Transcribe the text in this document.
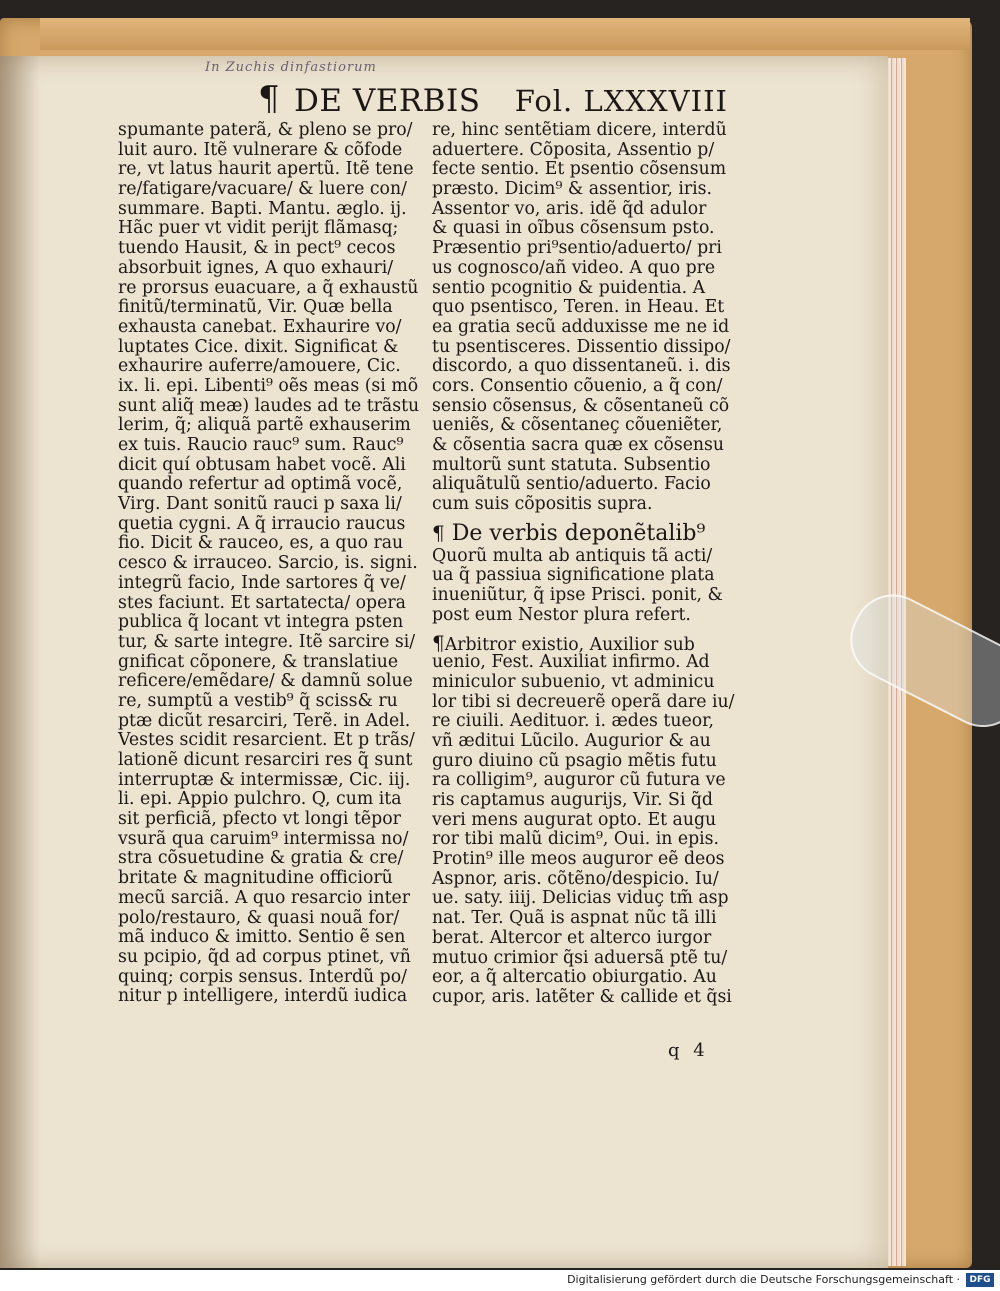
In Zuchis dinfastiorum
¶ DE VERBIS Fol. LXXXVIII
spumante paterã, & pleno se pro/
luit auro. Itẽ vulnerare & cõfode
re, vt latus haurit apertũ. Itẽ tene
re/fatigare/vacuare/ & luere con/
summare. Bapti. Mantu. æglo. ij.
Hãc puer vt vidit perijt flãmasq;
tuendo Hausit, & in pect⁹ cecos
absorbuit ignes, A quo exhauri/
re prorsus euacuare, a q̃ exhaustũ
finitũ/terminatũ, Vir. Quæ bella
exhausta canebat. Exhaurire vo/
luptates Cice. dixit. Significat &
exhaurire auferre/amouere, Cic.
ix. li. epi. Libenti⁹ oẽs meas (si mõ
sunt aliq̃ meæ) laudes ad te trãstu
lerim, q̃; aliquã partẽ exhauserim
ex tuis. Raucio rauc⁹ sum. Rauc⁹
dicit quí obtusam habet vocẽ. Ali
quando refertur ad optimã vocẽ,
Virg. Dant sonitũ rauci p saxa li/
quetia cygni. A q̃ irraucio raucus
fio. Dicit & rauceo, es, a quo rau
cesco & irrauceo. Sarcio, is. signi.
integrũ facio, Inde sartores q̃ ve/
stes faciunt. Et sartatecta/ opera
publica q̃ locant vt integra psten
tur, & sarte integre. Itẽ sarcire si/
gnificat cõponere, & translatiue
reficere/emẽdare/ & damnũ solue
re, sumptũ a vestib⁹ q̃ sciss& ru
ptæ dicũt resarciri, Terẽ. in Adel.
Vestes scidit resarcient. Et p trãs/
lationẽ dicunt resarciri res q̃ sunt
interruptæ & intermissæ, Cic. iij.
li. epi. Appio pulchro. Q, cum ita
sit perficiã, pfecto vt longi tẽpor
vsurã qua caruim⁹ intermissa no/
stra cõsuetudine & gratia & cre/
britate & magnitudine officiorũ
mecũ sarciã. A quo resarcio inter
polo/restauro, & quasi nouã for/
mã induco & imitto. Sentio ẽ sen
su pcipio, q̃d ad corpus ptinet, vñ
quinq; corpis sensus. Interdũ po/
nitur p intelligere, interdũ iudica
re, hinc sentẽtiam dicere, interdũ
aduertere. Cõposita, Assentio p/
fecte sentio. Et psentio cõsensum
præsto. Dicim⁹ & assentior, iris.
Assentor vo, aris. idẽ q̃d adulor
& quasi in oĩbus cõsensum psto.
Præsentio pri⁹sentio/aduerto/ pri
us cognosco/añ video. A quo pre
sentio pcognitio & puidentia. A
quo psentisco, Teren. in Heau. Et
ea gratia secũ adduxisse me ne id
tu psentisceres. Dissentio dissipo/
discordo, a quo dissentaneũ. i. dis
cors. Consentio cõuenio, a q̃ con/
sensio cõsensus, & cõsentaneũ cõ
ueniẽs, & cõsentaneç cõueniẽter,
& cõsentia sacra quæ ex cõsensu
multorũ sunt statuta. Subsentio
aliquãtulũ sentio/aduerto. Facio
cum suis cõpositis supra.
¶ De verbis deponẽtalib⁹
Quorũ multa ab antiquis tã acti/
ua q̃ passiua significatione plata
inueniũtur, q̃ ipse Prisci. ponit, &
post eum Nestor plura refert.
¶Arbitror existio, Auxilior sub
uenio, Fest. Auxiliat infirmo. Ad
miniculor subuenio, vt adminicu
lor tibi si decreuerẽ operã dare iu/
re ciuili. Aedituor. i. ædes tueor,
vñ æditui Lũcilo. Augurior & au
guro diuino cũ psagio mẽtis futu
ra colligim⁹, auguror cũ futura ve
ris captamus augurijs, Vir. Si q̃d
veri mens augurat opto. Et augu
ror tibi malũ dicim⁹, Oui. in epis.
Protin⁹ ille meos auguror eẽ deos
Aspnor, aris. cõtẽno/despicio. Iu/
ue. saty. iiij. Delicias viduç tm̃ asp
nat. Ter. Quã is aspnat nũc tã illi
berat. Altercor et alterco iurgor
mutuo crimior q̃si aduersã ptẽ tu/
eor, a q̃ altercatio obiurgatio. Au
cupor, aris. latẽter & callide et q̃si
q 4
Digitalisierung gefördert durch die Deutsche Forschungsgemeinschaft ·	DFG
